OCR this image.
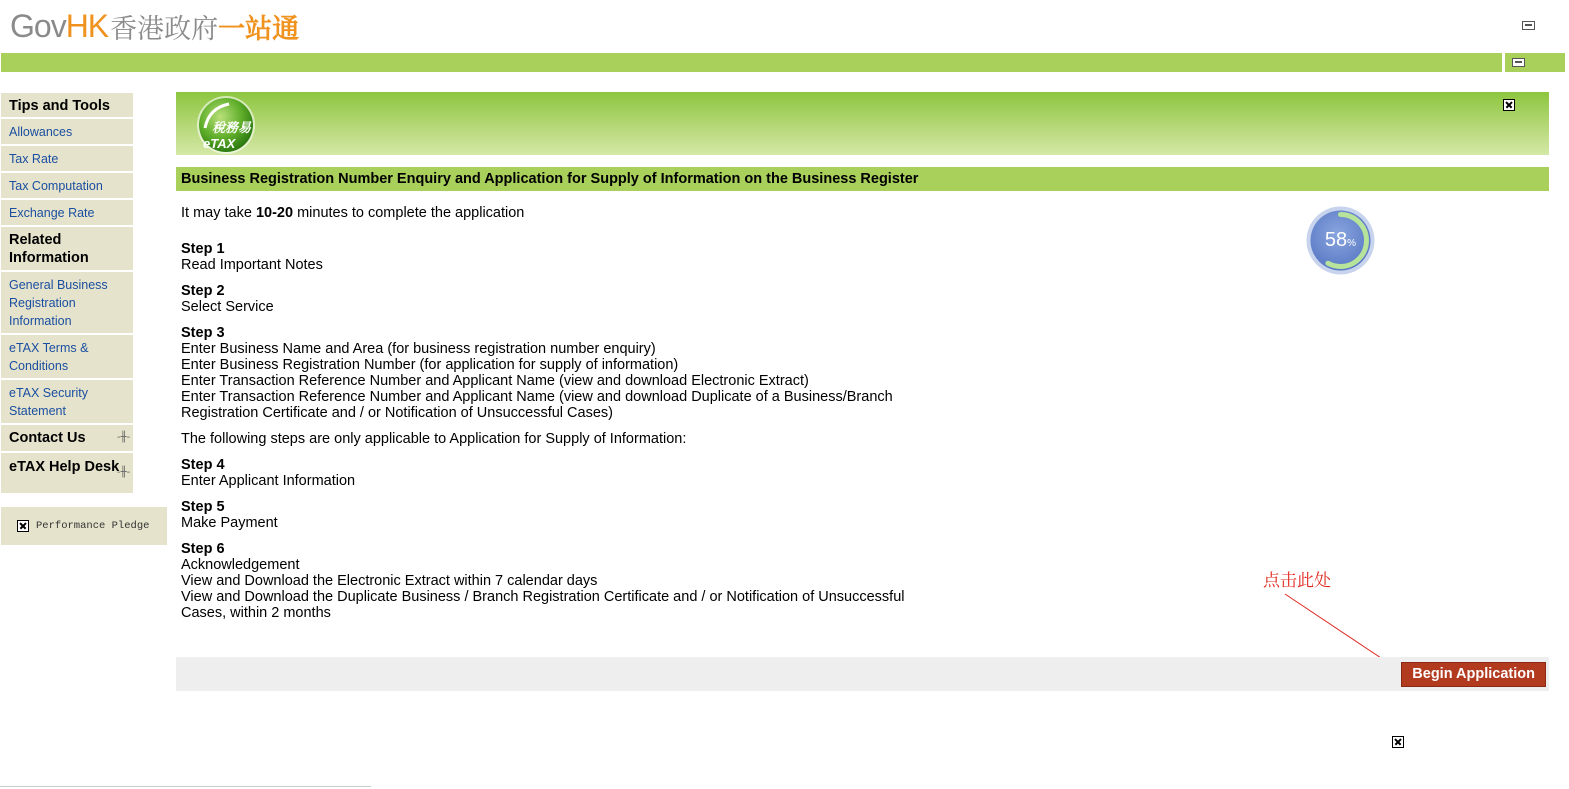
Gov HK 香港政府 一站通
Tips and Tools
Allowances
Tax Rate
Tax Computation
Exchange Rate
Related Information
General Business Registration Information
eTAX Terms & Conditions
eTAX Security Statement
Contact Us	-╫-
eTAX Help Desk
-╫-
Performance Pledge
稅務易
eTAX
Business Registration Number Enquiry and Application for Supply of Information on the Business Register
It may take 10-20 minutes to complete the application
Step 1
Read Important Notes
Step 2
Select Service
Step 3
Enter Business Name and Area (for business registration number enquiry)
Enter Business Registration Number (for application for supply of information)
Enter Transaction Reference Number and Applicant Name (view and download Electronic Extract)
Enter Transaction Reference Number and Applicant Name (view and download Duplicate of a Business/Branch
Registration Certificate and / or Notification of Unsuccessful Cases)
The following steps are only applicable to Application for Supply of Information:
Step 4
Enter Applicant Information
Step 5
Make Payment
Step 6
Acknowledgement
View and Download the Electronic Extract within 7 calendar days
View and Download the Duplicate Business / Branch Registration Certificate and / or Notification of Unsuccessful
Cases, within 2 months
58 %
点击此处
Begin Application
